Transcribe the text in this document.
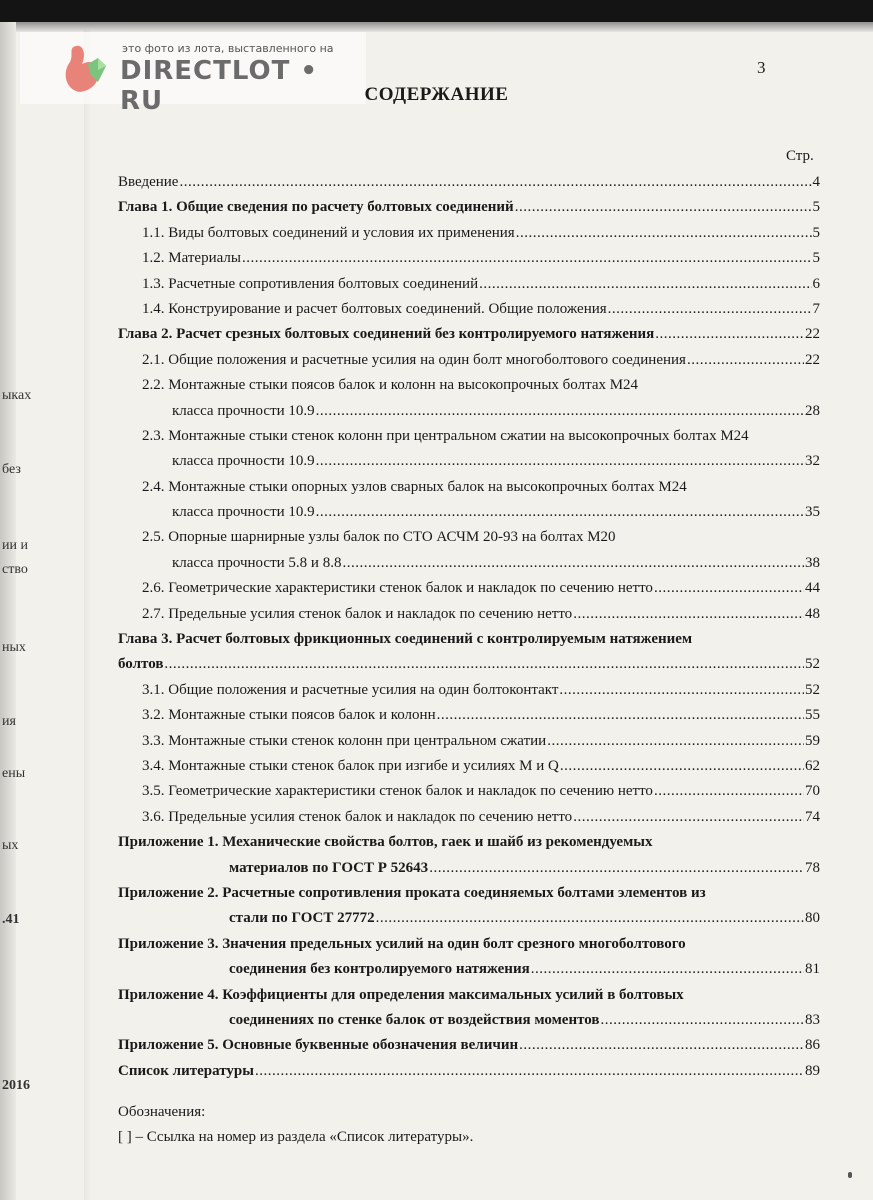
это фото из лота, выставленного на
DIRECTLOT • RU
3
СОДЕРЖАНИЕ
Стр.
Введение .....	4
Глава 1. Общие сведения по расчету болтовых соединений .....	5
1.1. Виды болтовых соединений и условия их применения .....	5
1.2. Материалы .....	5
1.3. Расчетные сопротивления болтовых соединений .....	6
1.4. Конструирование и расчет болтовых соединений. Общие положения .....	7
Глава 2. Расчет срезных болтовых соединений без контролируемого натяжения .....	22
2.1. Общие положения и расчетные усилия на один болт многоболтового соединения .....	22
2.2. Монтажные стыки поясов балок и колонн на высокопрочных болтах М24
класса прочности 10.9 .....	28
2.3. Монтажные стыки стенок колонн при центральном сжатии на высокопрочных болтах М24
класса прочности 10.9 .....	32
2.4. Монтажные стыки опорных узлов сварных балок на высокопрочных болтах М24
класса прочности 10.9 .....	35
2.5. Опорные шарнирные узлы балок по СТО АСЧМ 20-93 на болтах М20
класса прочности 5.8 и 8.8 .....	38
2.6. Геометрические характеристики стенок балок и накладок по сечению нетто .....	44
2.7. Предельные усилия стенок балок и накладок по сечению нетто .....	48
Глава 3. Расчет болтовых фрикционных соединений с контролируемым натяжением
болтов .....	52
3.1. Общие положения и расчетные усилия на один болтоконтакт .....	52
3.2. Монтажные стыки поясов балок и колонн .....	55
3.3. Монтажные стыки стенок колонн при центральном сжатии .....	59
3.4. Монтажные стыки стенок балок при изгибе и усилиях M и Q .....	62
3.5. Геометрические характеристики стенок балок и накладок по сечению нетто .....	70
3.6. Предельные усилия стенок балок и накладок по сечению нетто .....	74
Приложение 1. Механические свойства болтов, гаек и шайб из рекомендуемых
материалов по ГОСТ Р 52643 .....	78
Приложение 2. Расчетные сопротивления проката соединяемых болтами элементов из
стали по ГОСТ 27772 .....	80
Приложение 3. Значения предельных усилий на один болт срезного многоболтового
соединения без контролируемого натяжения .....	81
Приложение 4. Коэффициенты для определения максимальных усилий в болтовых
соединениях по стенке балок от воздействия моментов .....	83
Приложение 5. Основные буквенные обозначения величин .....	86
Список литературы .....	89
Обозначения:
[ ] – Ссылка на номер из раздела «Список литературы».
ыках
без
ии и
ство
ных
ия
ены
ых
.41
2016
